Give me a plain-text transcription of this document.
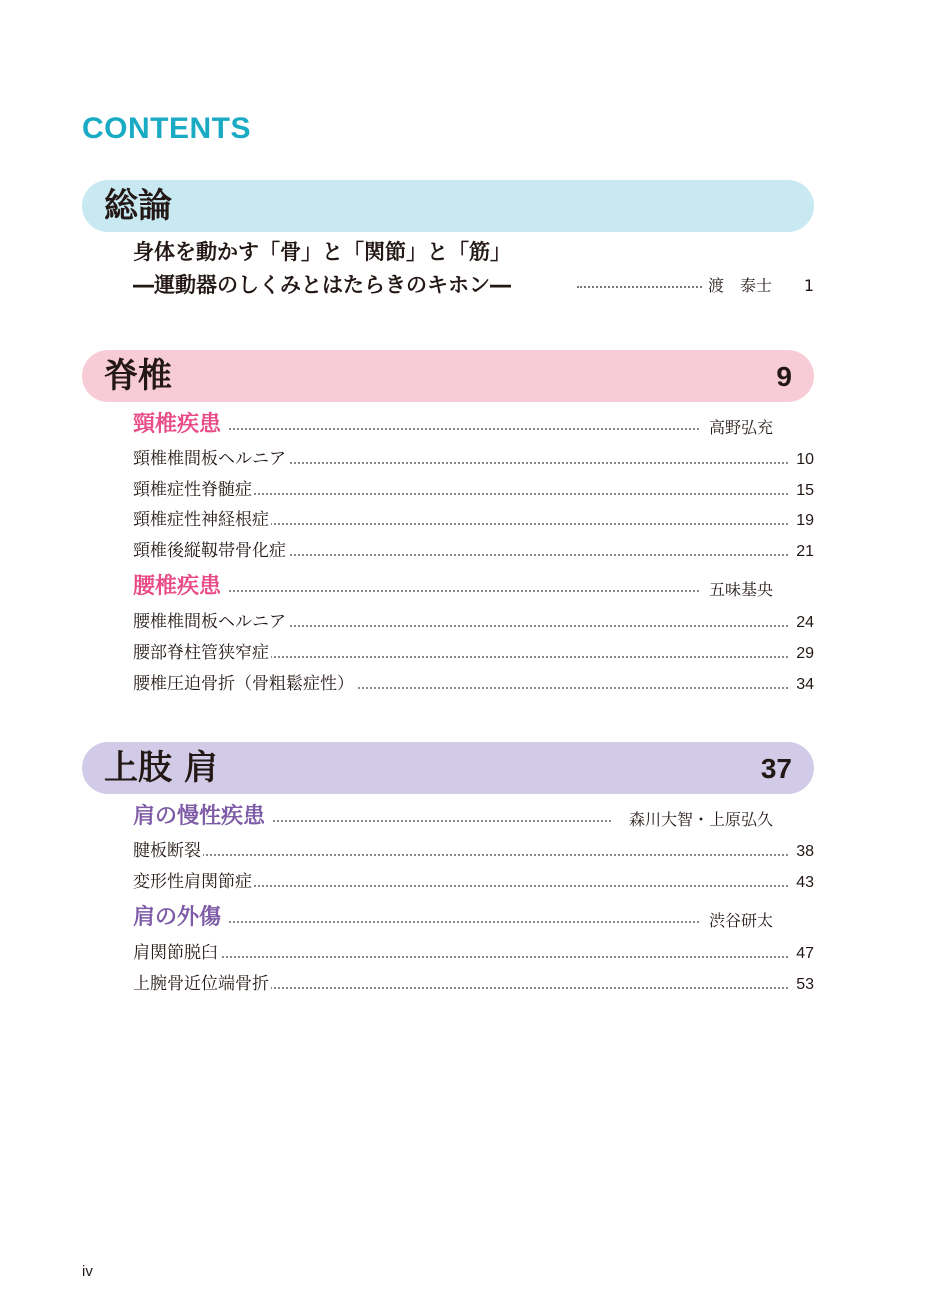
CONTENTS
総論
身体を動かす「骨」と「関節」と「筋」
―運動器のしくみとはたらきのキホン―	渡　泰士 1
脊椎	9
頸椎疾患	高野弘充
頸椎椎間板ヘルニア	10
頸椎症性脊髄症	15
頸椎症性神経根症	19
頸椎後縦靱帯骨化症	21
腰椎疾患	五味基央
腰椎椎間板ヘルニア	24
腰部脊柱管狭窄症	29
腰椎圧迫骨折（骨粗鬆症性）	34
上肢 肩	37
肩の慢性疾患	森川大智・上原弘久
腱板断裂	38
変形性肩関節症	43
肩の外傷	渋谷研太
肩関節脱臼	47
上腕骨近位端骨折	53
iv
